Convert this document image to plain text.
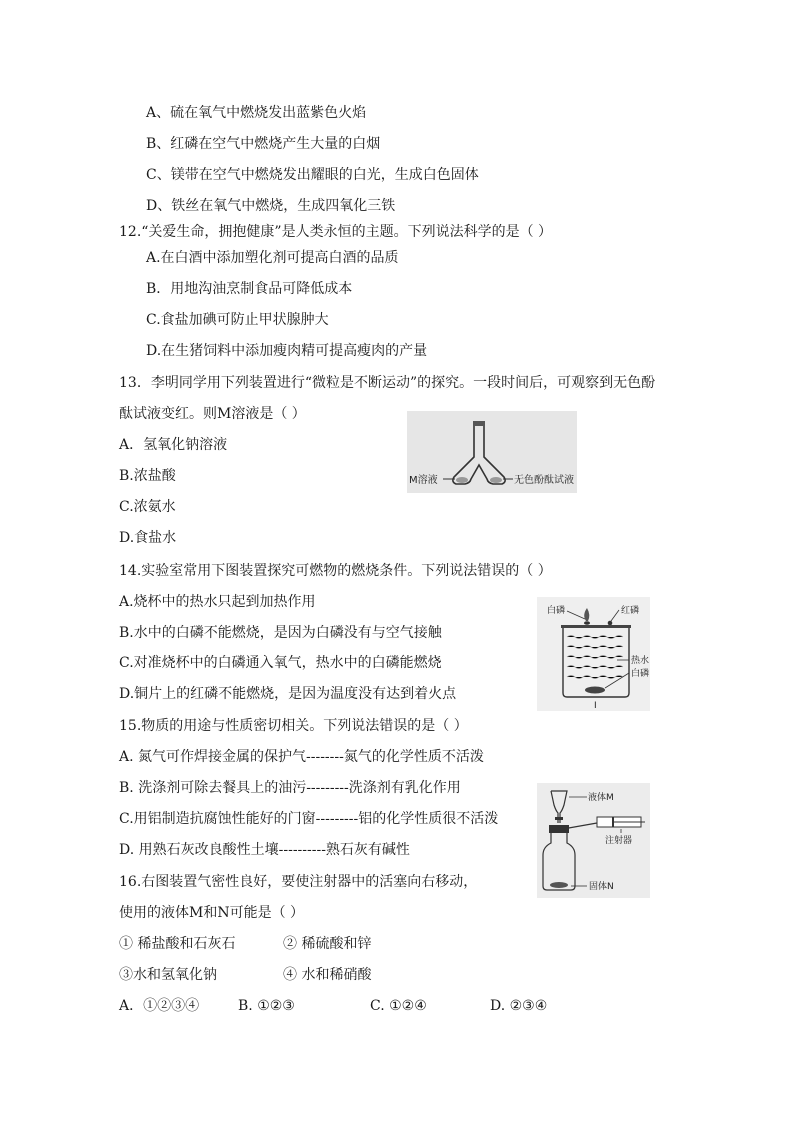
A、硫在氧气中燃烧发出蓝紫色火焰
B、红磷在空气中燃烧产生大量的白烟
C、镁带在空气中燃烧发出耀眼的白光，生成白色固体
D、铁丝在氧气中燃烧，生成四氧化三铁
12.“关爱生命，拥抱健康”是人类永恒的主题。下列说法科学的是（ ）
A.在白酒中添加塑化剂可提高白酒的品质
B．用地沟油烹制食品可降低成本
C.食盐加碘可防止甲状腺肿大
D.在生猪饲料中添加瘦肉精可提高瘦肉的产量
13．李明同学用下列装置进行“微粒是不断运动”的探究。一段时间后，可观察到无色酚
酞试液变红。则M溶液是（ ）
A．氢氧化钠溶液
B.浓盐酸
C.浓氨水
D.食盐水
M溶液	无色酚酞试液
14.实验室常用下图装置探究可燃物的燃烧条件。下列说法错误的（ ）
A.烧杯中的热水只起到加热作用
B.水中的白磷不能燃烧，是因为白磷没有与空气接触
C.对准烧杯中的白磷通入氧气，热水中的白磷能燃烧
D.铜片上的红磷不能燃烧，是因为温度没有达到着火点
白磷	红磷
热水
白磷
I
15.物质的用途与性质密切相关。下列说法错误的是（ ）
A. 氮气可作焊接金属的保护气--------氮气的化学性质不活泼
B. 洗涤剂可除去餐具上的油污---------洗涤剂有乳化作用
C.用铝制造抗腐蚀性能好的门窗---------铝的化学性质很不活泼
D. 用熟石灰改良酸性土壤----------熟石灰有碱性
液体M
注射器
固体N
16.右图装置气密性良好，要使注射器中的活塞向右移动，
使用的液体M和N可能是（ ）
① 稀盐酸和石灰石	② 稀硫酸和锌
③水和氢氧化钠	④ 水和稀硝酸
A．①②③④	B. ①②③	C. ①②④	D. ②③④
